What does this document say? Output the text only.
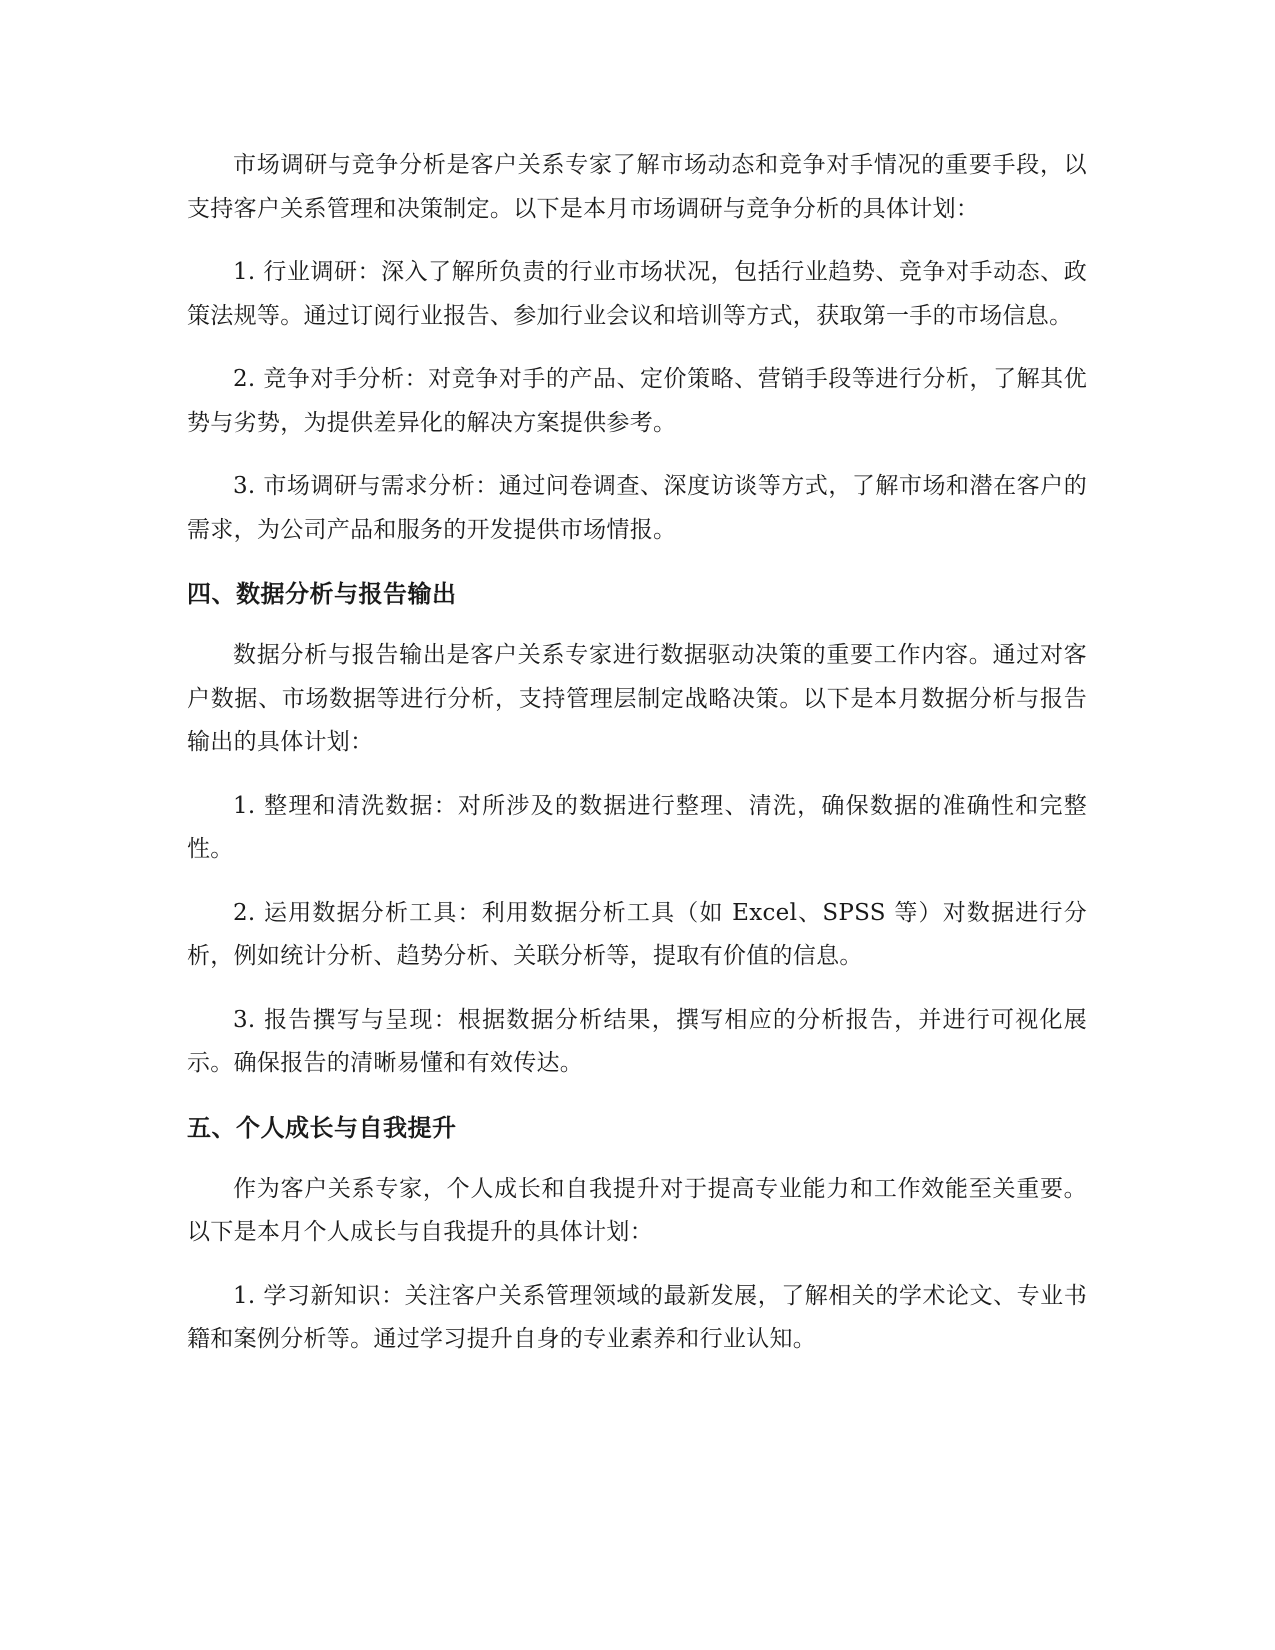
市场调研与竞争分析是客户关系专家了解市场动态和竞争对手情况的重要手段，以支持客户关系管理和决策制定。以下是本月市场调研与竞争分析的具体计划：

1. 行业调研：深入了解所负责的行业市场状况，包括行业趋势、竞争对手动态、政策法规等。通过订阅行业报告、参加行业会议和培训等方式，获取第一手的市场信息。

2. 竞争对手分析：对竞争对手的产品、定价策略、营销手段等进行分析，了解其优势与劣势，为提供差异化的解决方案提供参考。

3. 市场调研与需求分析：通过问卷调查、深度访谈等方式，了解市场和潜在客户的需求，为公司产品和服务的开发提供市场情报。

四、数据分析与报告输出

数据分析与报告输出是客户关系专家进行数据驱动决策的重要工作内容。通过对客户数据、市场数据等进行分析，支持管理层制定战略决策。以下是本月数据分析与报告输出的具体计划：

1. 整理和清洗数据：对所涉及的数据进行整理、清洗，确保数据的准确性和完整性。

2. 运用数据分析工具：利用数据分析工具（如 Excel、SPSS 等）对数据进行分析，例如统计分析、趋势分析、关联分析等，提取有价值的信息。

3. 报告撰写与呈现：根据数据分析结果，撰写相应的分析报告，并进行可视化展示。确保报告的清晰易懂和有效传达。

五、个人成长与自我提升

作为客户关系专家，个人成长和自我提升对于提高专业能力和工作效能至关重要。以下是本月个人成长与自我提升的具体计划：

1. 学习新知识：关注客户关系管理领域的最新发展，了解相关的学术论文、专业书籍和案例分析等。通过学习提升自身的专业素养和行业认知。
